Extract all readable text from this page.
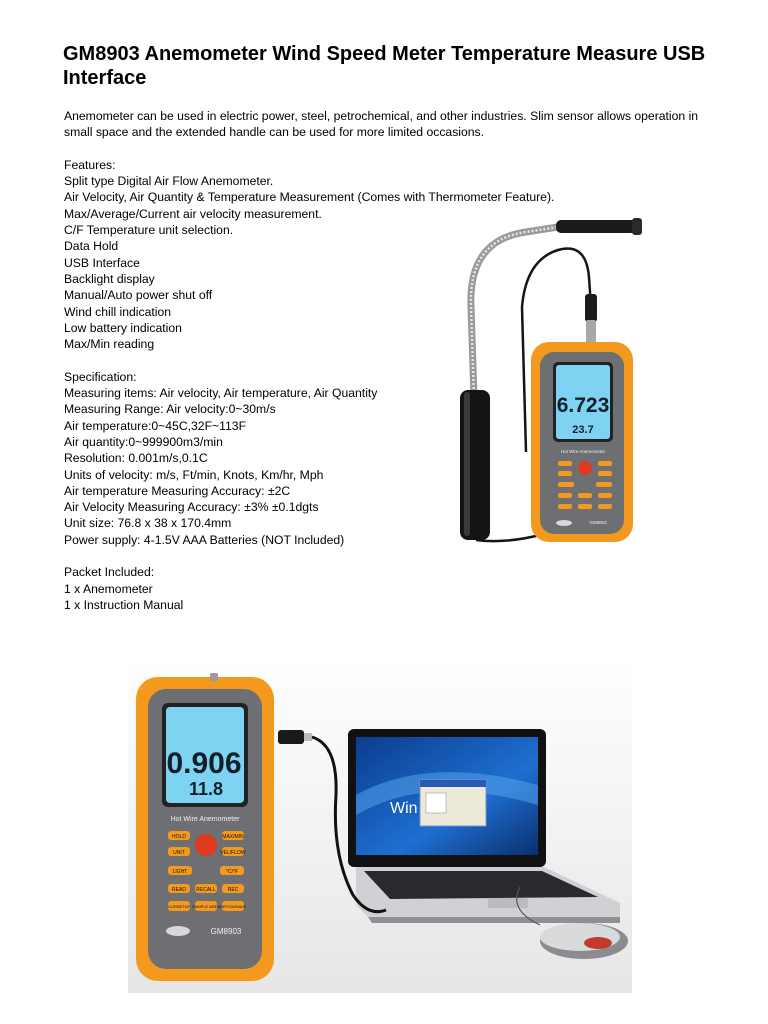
GM8903 Anemometer Wind Speed Meter Temperature Measure USB Interface

Anemometer can be used in electric power, steel, petrochemical, and other industries. Slim sensor allows operation in small space and the extended handle can be used for more limited occasions.

Features:

Split type Digital Air Flow Anemometer.

Air Velocity, Air Quantity & Temperature Measurement (Comes with Thermometer Feature).

Max/Average/Current air velocity measurement.

C/F Temperature unit selection.

Data Hold

USB Interface

Backlight display

Manual/Auto power shut off

Wind chill indication

Low battery indication

Max/Min reading

Specification:

Measuring items: Air velocity, Air temperature, Air Quantity

Measuring Range: Air velocity:0~30m/s

Air temperature:0~45C,32F~113F

Air quantity:0~999900m3/min

Resolution: 0.001m/s,0.1C

Units of velocity: m/s, Ft/min, Knots, Km/hr, Mph

Air temperature Measuring Accuracy: ±2C

Air Velocity Measuring Accuracy: ±3% ±0.1dgts

Unit size: 76.8 x 38 x 170.4mm

Power supply: 4-1.5V AAA Batteries (NOT Included)

Packet Included:

1 x Anemometer

1 x Instruction Manual

6.723
23.7
Hot Wire Anemometer
GM8903
Win
0.906
11.8
Hot Wire Anemometer
HOLD	MAX/MIN
UNIT	VEL/FLOW
LIGHT	°C/°F
READ RECALL REC
CLR/SETUP SAMPLE AREA OFF/ON/SAVE
GM8903
